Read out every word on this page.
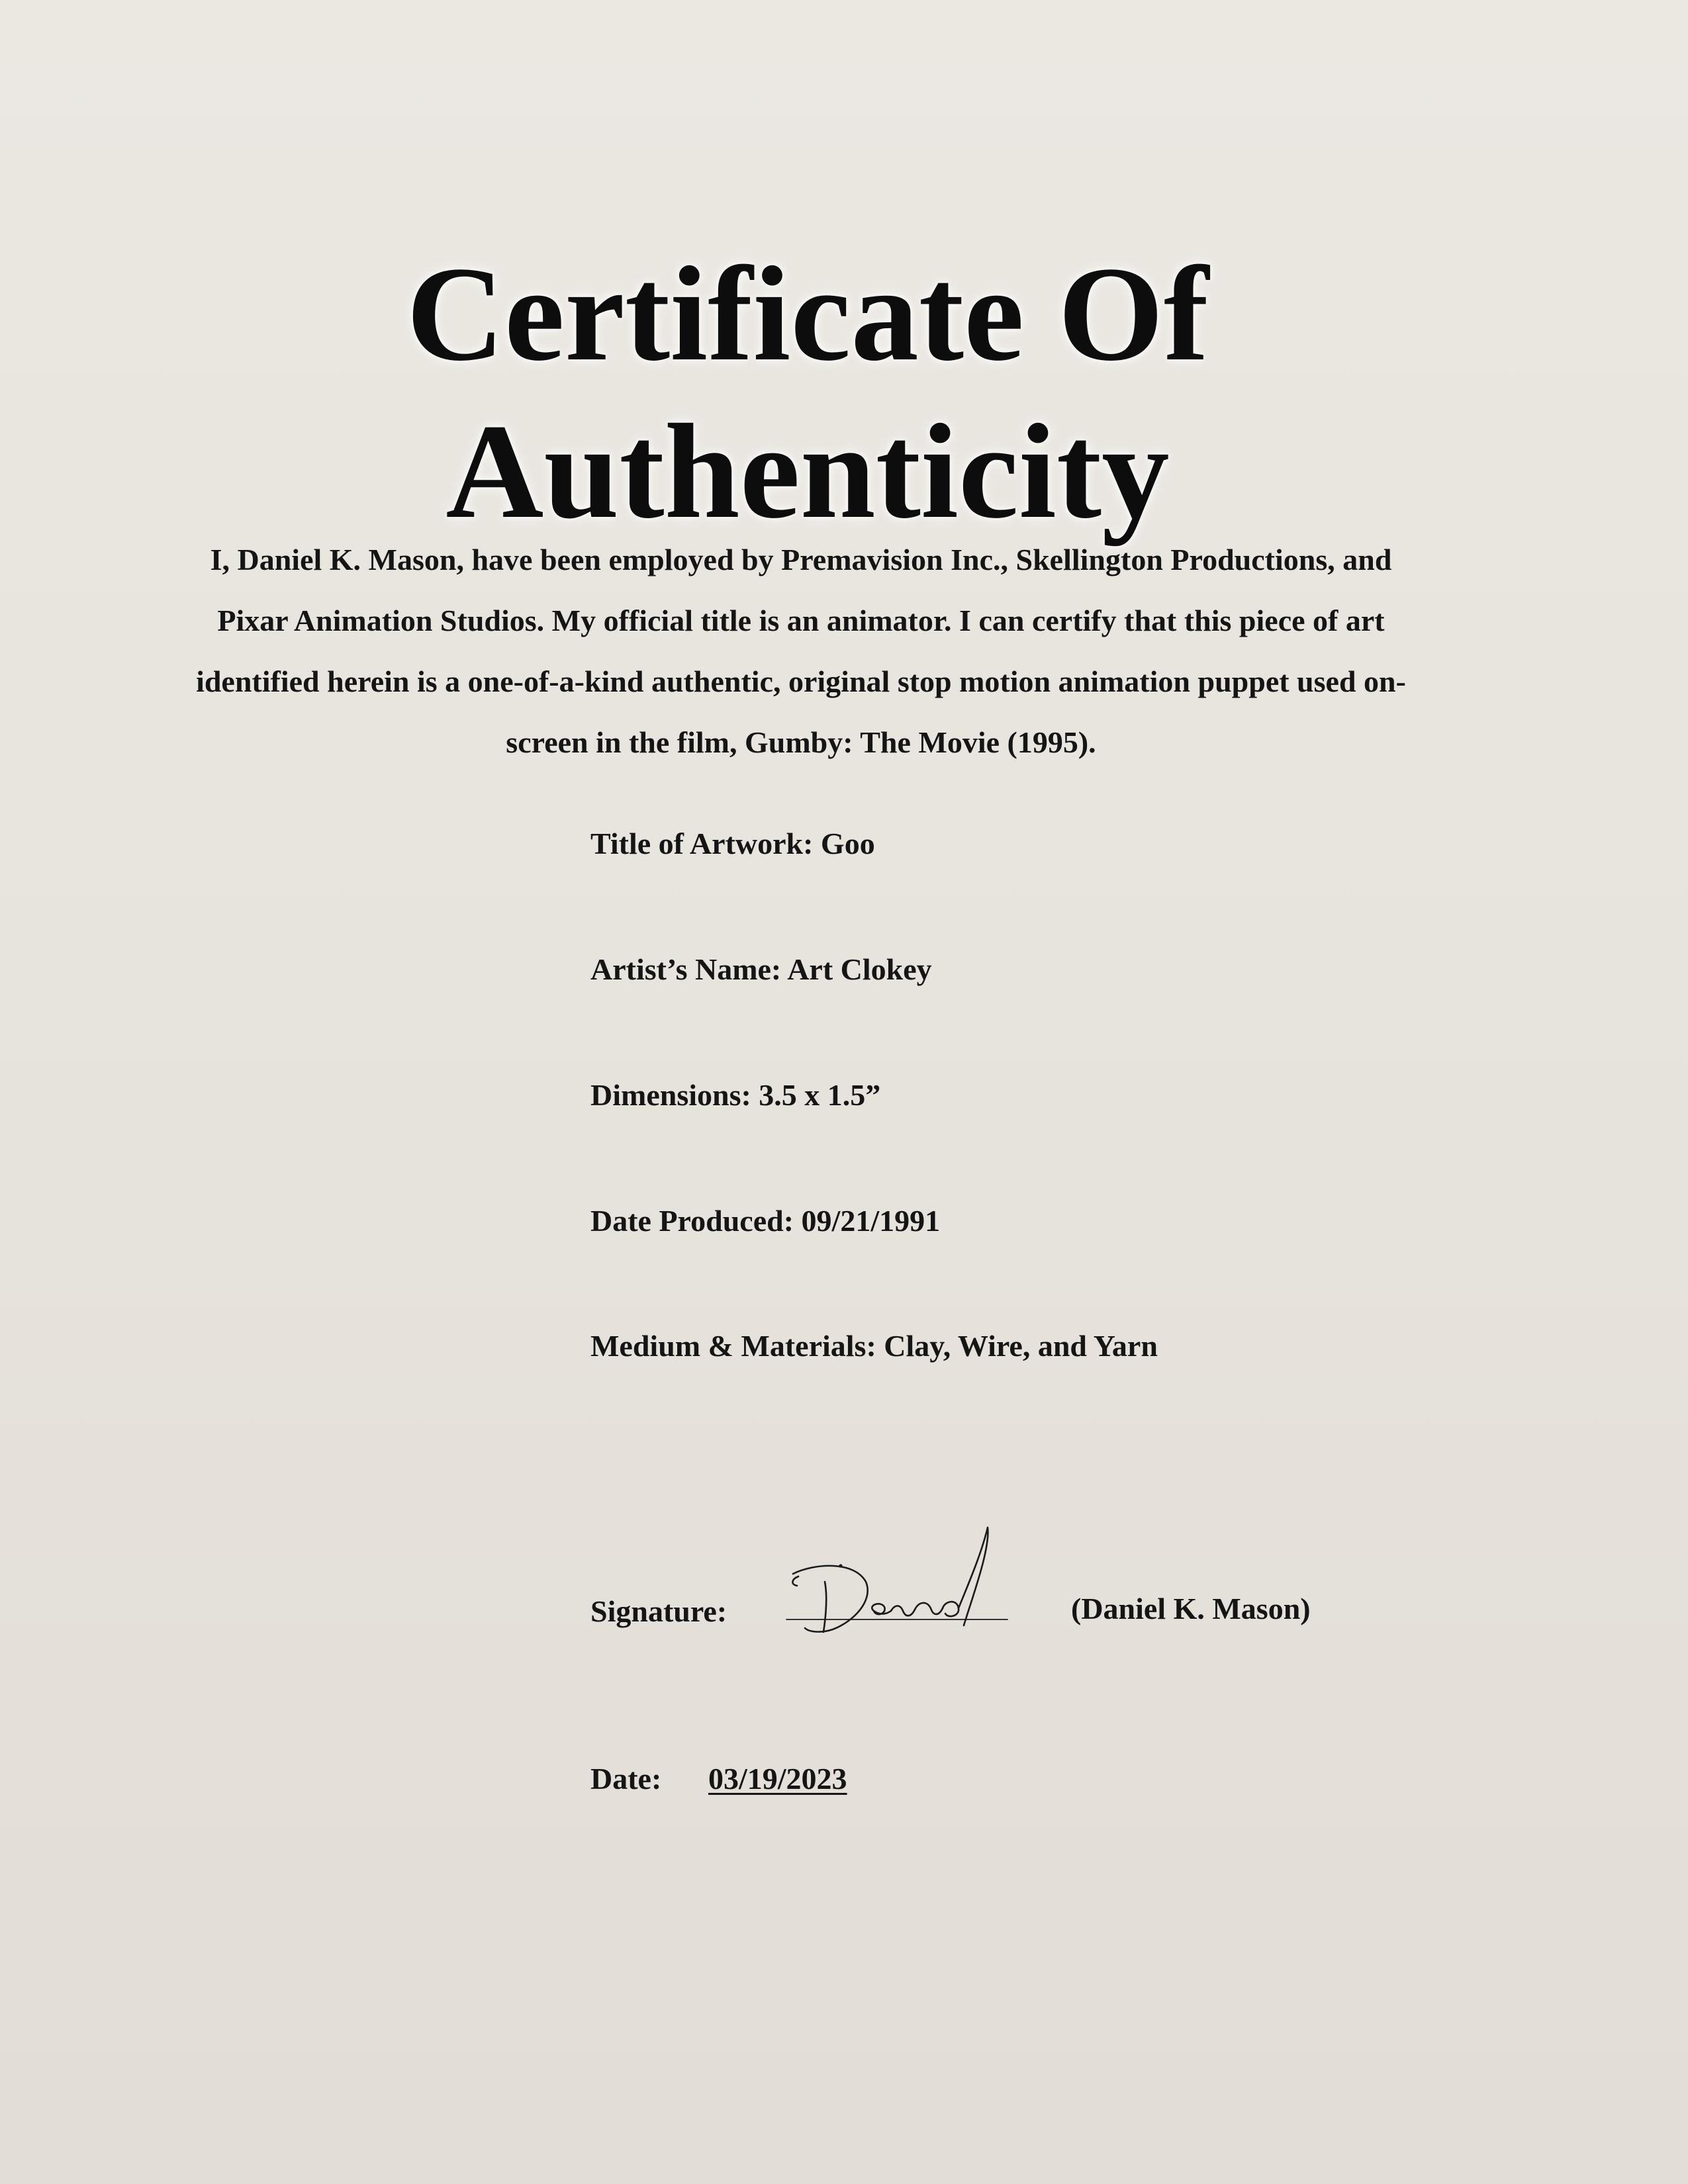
Certificate Of
Authenticity

I, Daniel K. Mason, have been employed by Premavision Inc., Skellington Productions, and Pixar Animation Studios. My official title is an animator. I can certify that this piece of art identified herein is a one-of-a-kind authentic, original stop motion animation puppet used on-screen in the film, Gumby: The Movie (1995).

Title of Artwork: Goo
Artist’s Name: Art Clokey
Dimensions: 3.5 x 1.5”
Date Produced: 09/21/1991
Medium & Materials: Clay, Wire, and Yarn
Signature:	(Daniel K. Mason)
Date: 03/19/2023
